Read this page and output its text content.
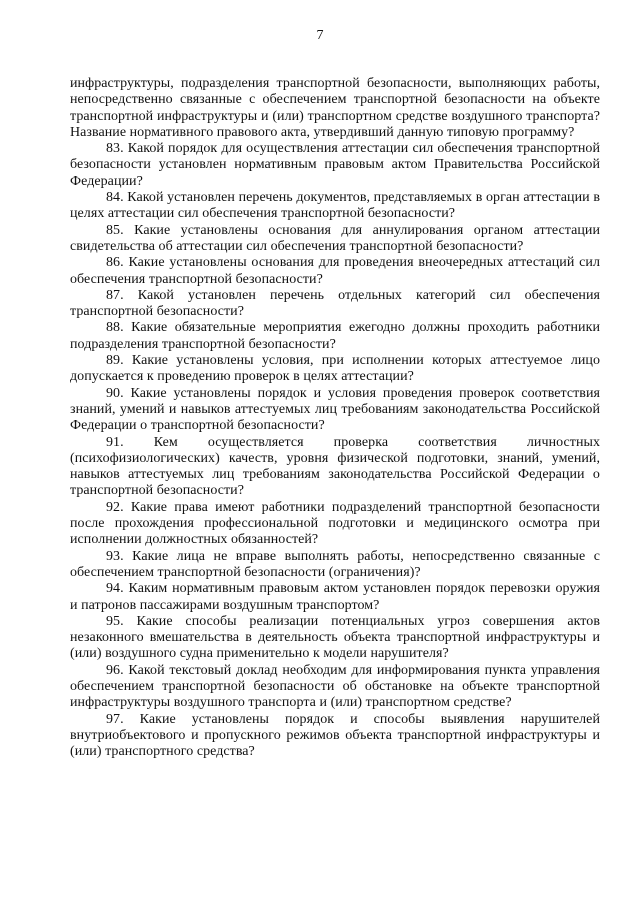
7

инфраструктуры, подразделения транспортной безопасности, выполняющих работы, непосредственно связанные с обеспечением транспортной безопасности на объекте транспортной инфраструктуры и (или) транспортном средстве воздушного транспорта? Название нормативного правового акта, утвердивший данную типовую программу?

83. Какой порядок для осуществления аттестации сил обеспечения транспортной безопасности установлен нормативным правовым актом Правительства Российской Федерации?

84. Какой установлен перечень документов, представляемых в орган аттестации в целях аттестации сил обеспечения транспортной безопасности?

85. Какие установлены основания для аннулирования органом аттестации свидетельства об аттестации сил обеспечения транспортной безопасности?

86. Какие установлены основания для проведения внеочередных аттестаций сил обеспечения транспортной безопасности?

87. Какой установлен перечень отдельных категорий сил обеспечения транспортной безопасности?

88. Какие обязательные мероприятия ежегодно должны проходить работники подразделения транспортной безопасности?

89. Какие установлены условия, при исполнении которых аттестуемое лицо допускается к проведению проверок в целях аттестации?

90. Какие установлены порядок и условия проведения проверок соответствия знаний, умений и навыков аттестуемых лиц требованиям законодательства Российской Федерации о транспортной безопасности?

91. Кем осуществляется проверка соответствия личностных (психофизиологических) качеств, уровня физической подготовки, знаний, умений, навыков аттестуемых лиц требованиям законодательства Российской Федерации о транспортной безопасности?

92. Какие права имеют работники подразделений транспортной безопасности после прохождения профессиональной подготовки и медицинского осмотра при исполнении должностных обязанностей?

93. Какие лица не вправе выполнять работы, непосредственно связанные с обеспечением транспортной безопасности (ограничения)?

94. Каким нормативным правовым актом установлен порядок перевозки оружия и патронов пассажирами воздушным транспортом?

95. Какие способы реализации потенциальных угроз совершения актов незаконного вмешательства в деятельность объекта транспортной инфраструктуры и (или) воздушного судна применительно к модели нарушителя?

96. Какой текстовый доклад необходим для информирования пункта управления обеспечением транспортной безопасности об обстановке на объекте транспортной инфраструктуры воздушного транспорта и (или) транспортном средстве?

97. Какие установлены порядок и способы выявления нарушителей внутриобъектового и пропускного режимов объекта транспортной инфраструктуры и (или) транспортного средства?
